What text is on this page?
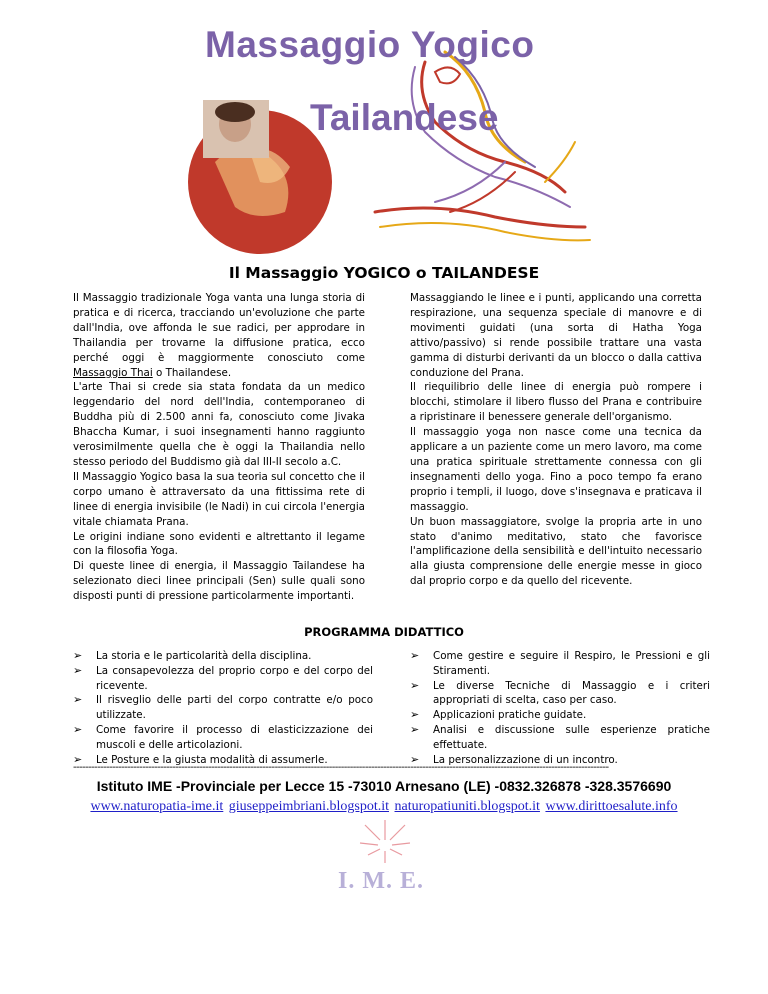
Massaggio Yogico
Tailandese
Il Massaggio YOGICO o TAILANDESE

Il Massaggio tradizionale Yoga vanta una lunga storia di pratica e di ricerca, tracciando un'evoluzione che parte dall'India, ove affonda le sue radici, per approdare in Thailandia per trovarne la diffusione pratica, ecco perché oggi è maggiormente conosciuto come Massaggio Thai o Thailandese.

L'arte Thai si crede sia stata fondata da un medico leggendario del nord dell'India, contemporaneo di Buddha più di 2.500 anni fa, conosciuto come Jivaka Bhaccha Kumar, i suoi insegnamenti hanno raggiunto verosimilmente quella che è oggi la Thailandia nello stesso periodo del Buddismo già dal III-II secolo a.C.

Il Massaggio Yogico basa la sua teoria sul concetto che il corpo umano è attraversato da una fittissima rete di linee di energia invisibile (le Nadi) in cui circola l'energia vitale chiamata Prana.

Le origini indiane sono evidenti e altrettanto il legame con la filosofia Yoga.

Di queste linee di energia, il Massaggio Tailandese ha selezionato dieci linee principali (Sen) sulle quali sono disposti punti di pressione particolarmente importanti.

Massaggiando le linee e i punti, applicando una corretta respirazione, una sequenza speciale di manovre e di movimenti guidati (una sorta di Hatha Yoga attivo/passivo) si rende possibile trattare una vasta gamma di disturbi derivanti da un blocco o dalla cattiva conduzione del Prana.

Il riequilibrio delle linee di energia può rompere i blocchi, stimolare il libero flusso del Prana e contribuire a ripristinare il benessere generale dell'organismo.

Il massaggio yoga non nasce come una tecnica da applicare a un paziente come un mero lavoro, ma come una pratica spirituale strettamente connessa con gli insegnamenti dello yoga. Fino a poco tempo fa erano proprio i templi, il luogo, dove s'insegnava e praticava il massaggio.

Un buon massaggiatore, svolge la propria arte in uno stato d'animo meditativo, stato che favorisce l'amplificazione della sensibilità e dell'intuito necessario alla giusta comprensione delle energie messe in gioco dal proprio corpo e da quello del ricevente.

PROGRAMMA DIDATTICO
➢ La storia e le particolarità della disciplina.
➢ La consapevolezza del proprio corpo e del corpo del ricevente.
➢ Il risveglio delle parti del corpo contratte e/o poco utilizzate.
➢ Come favorire il processo di elasticizzazione dei muscoli e delle articolazioni.
➢ Le Posture e la giusta modalità di assumerle.
➢ Come gestire e seguire il Respiro, le Pressioni e gli Stiramenti.
➢ Le diverse Tecniche di Massaggio e i criteri appropriati di scelta, caso per caso.
➢ Applicazioni pratiche guidate.
➢ Analisi e discussione sulle esperienze pratiche effettuate.
➢ La personalizzazione di un incontro.
----------------------------------------------------------------------------------------------------------------------------------------------------------------------------------
Istituto IME -Provinciale per Lecce 15 -73010 Arnesano (LE) -0832.326878 -328.3576690
www.naturopatia-ime.it giuseppeimbriani.blogspot.it naturopatiuniti.blogspot.it www.dirittoesalute.info
I. M. E.
